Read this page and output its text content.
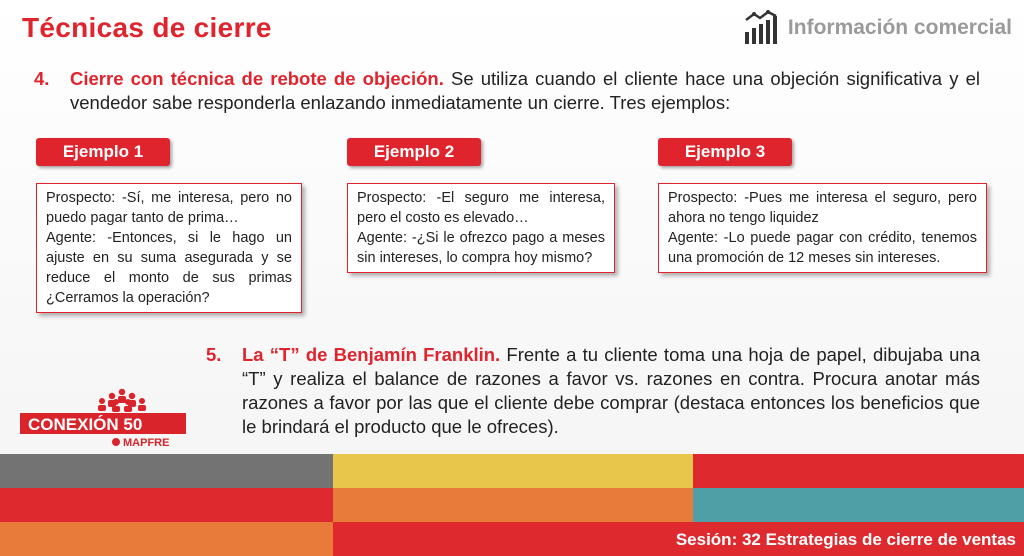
Técnicas de cierre	Información comercial
4. Cierre con técnica de rebote de objeción. Se utiliza cuando el cliente hace una objeción significativa y el vendedor sabe responderla enlazando inmediatamente un cierre. Tres ejemplos:
Ejemplo 1	Ejemplo 2	Ejemplo 3
Prospecto: -Sí, me interesa, pero no puedo pagar tanto de prima…
Agente: -Entonces, si le hago un ajuste en su suma asegurada y se reduce el monto de sus primas ¿Cerramos la operación?
Prospecto: -El seguro me interesa, pero el costo es elevado…
Agente: -¿Si le ofrezco pago a meses sin intereses, lo compra hoy mismo?
Prospecto: -Pues me interesa el seguro, pero ahora no tengo liquidez
Agente: -Lo puede pagar con crédito, tenemos una promoción de 12 meses sin intereses.
5. La “T” de Benjamín Franklin. Frente a tu cliente toma una hoja de papel, dibujaba una “T” y realiza el balance de razones a favor vs. razones en contra. Procura anotar más razones a favor por las que el cliente debe comprar (destaca entonces los beneficios que le brindará el producto que le ofreces).
CONEXIÓN 50
MAPFRE
Sesión: 32 Estrategias de cierre de ventas
